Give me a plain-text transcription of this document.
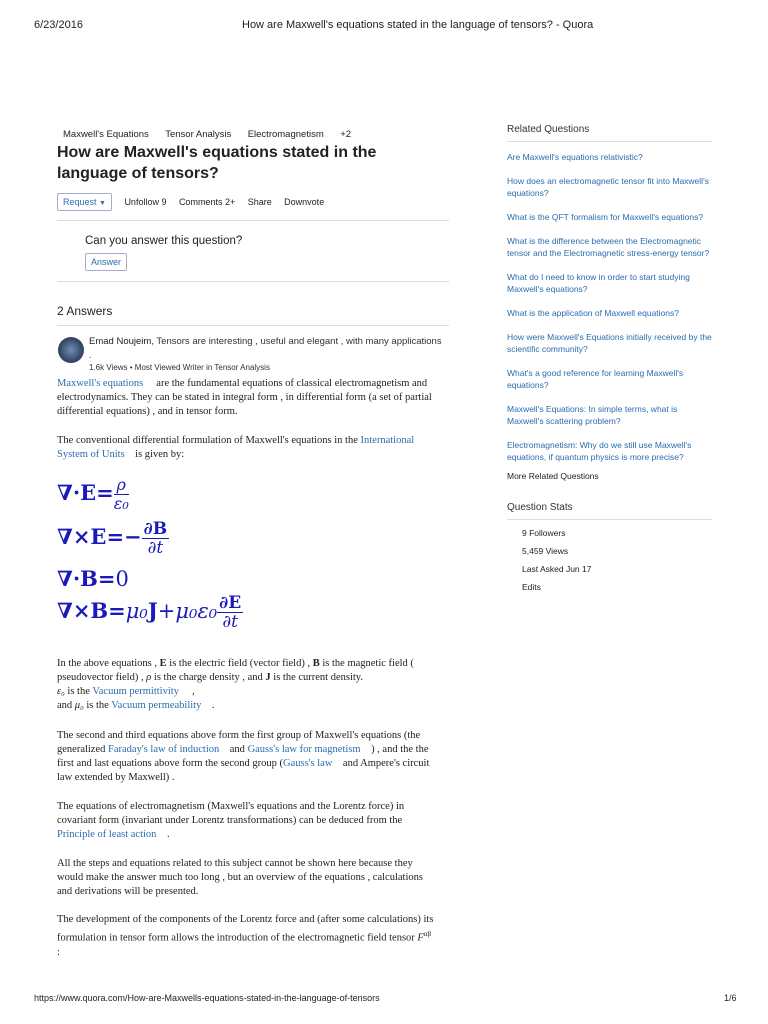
6/23/2016	How are Maxwell's equations stated in the language of tensors? - Quora
Maxwell's Equations Tensor Analysis Electromagnetism +2
How are Maxwell's equations stated in the language of tensors?
Request ▼ Unfollow 9 Comments 2+ Share Downvote
Can you answer this question?
Answer
2 Answers
Emad Noujeim, Tensors are interesting , useful and elegant , with many applications
.
1.6k Views • Most Viewed Writer in Tensor Analysis
Maxwell's equations are the fundamental equations of classical electromagnetism and electrodynamics. They can be stated in integral form , in differential form (a set of partial differential equations) , and in tensor form.
The conventional differential formulation of Maxwell's equations in the International System of Units is given by:
$\nabla\cdot E= \frac{\rho}{\text{ε₀}}$
$\nabla\times E=- \frac{\partial B}{\partial t}$
∇·B=0
$\nabla\times B=\mu_0J+\mu_0\varepsilon_0 \frac{\partial E}{\partial t}$
In the above equations , E is the electric field (vector field) , B is the magnetic field ( pseudovector field) , ρ is the charge density , and J is the current density.
ε₀ is the Vacuum permittivity ,
and μ₀ is the Vacuum permeability .
The second and third equations above form the first group of Maxwell's equations (the generalized Faraday's law of induction and Gauss's law for magnetism ) , and the the first and last equations above form the second group (Gauss's law and Ampere's circuit law extended by Maxwell) .
The equations of electromagnetism (Maxwell's equations and the Lorentz force) in covariant form (invariant under Lorentz transformations) can be deduced from the Principle of least action .
All the steps and equations related to this subject cannot be shown here because they would make the answer much too long , but an overview of the equations , calculations and derivations will be presented.
The development of the components of the Lorentz force and (after some calculations) its formulation in tensor form allows the introduction of the electromagnetic field tensor $F^{\alpha\beta}$
:
Related Questions
Are Maxwell's equations relativistic?
How does an electromagnetic tensor fit into Maxwell's equations?
What is the QFT formalism for Maxwell's equations?
What is the difference between the Electromagnetic tensor and the Electromagnetic stress-energy tensor?
What do I need to know in order to start studying Maxwell's equations?
What is the application of Maxwell equations?
How were Maxwell's Equations initially received by the scientific community?
What's a good reference for learning Maxwell's equations?
Maxwell's Equations: In simple terms, what is Maxwell's scattering problem?
Electromagnetism: Why do we still use Maxwell's equations, if quantum physics is more precise?
More Related Questions
Question Stats
9 Followers
5,459 Views
Last Asked Jun 17
Edits
https://www.quora.com/How-are-Maxwells-equations-stated-in-the-language-of-tensors	1/6
